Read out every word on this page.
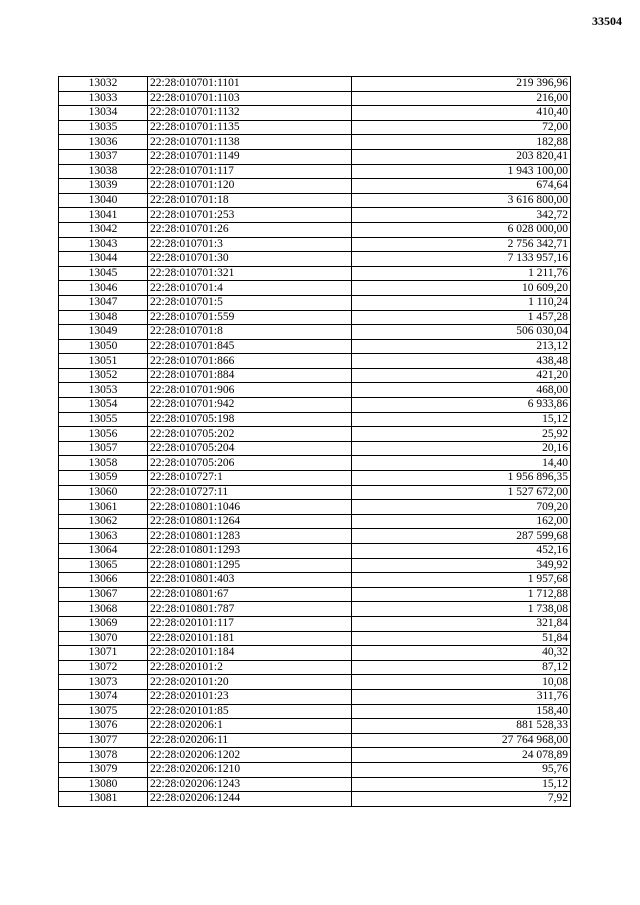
33504
13032	22:28:010701:1101	219 396,96
13033	22:28:010701:1103	216,00
13034	22:28:010701:1132	410,40
13035	22:28:010701:1135	72,00
13036	22:28:010701:1138	182,88
13037	22:28:010701:1149	203 820,41
13038	22:28:010701:117	1 943 100,00
13039	22:28:010701:120	674,64
13040	22:28:010701:18	3 616 800,00
13041	22:28:010701:253	342,72
13042	22:28:010701:26	6 028 000,00
13043	22:28:010701:3	2 756 342,71
13044	22:28:010701:30	7 133 957,16
13045	22:28:010701:321	1 211,76
13046	22:28:010701:4	10 609,20
13047	22:28:010701:5	1 110,24
13048	22:28:010701:559	1 457,28
13049	22:28:010701:8	506 030,04
13050	22:28:010701:845	213,12
13051	22:28:010701:866	438,48
13052	22:28:010701:884	421,20
13053	22:28:010701:906	468,00
13054	22:28:010701:942	6 933,86
13055	22:28:010705:198	15,12
13056	22:28:010705:202	25,92
13057	22:28:010705:204	20,16
13058	22:28:010705:206	14,40
13059	22:28:010727:1	1 956 896,35
13060	22:28:010727:11	1 527 672,00
13061	22:28:010801:1046	709,20
13062	22:28:010801:1264	162,00
13063	22:28:010801:1283	287 599,68
13064	22:28:010801:1293	452,16
13065	22:28:010801:1295	349,92
13066	22:28:010801:403	1 957,68
13067	22:28:010801:67	1 712,88
13068	22:28:010801:787	1 738,08
13069	22:28:020101:117	321,84
13070	22:28:020101:181	51,84
13071	22:28:020101:184	40,32
13072	22:28:020101:2	87,12
13073	22:28:020101:20	10,08
13074	22:28:020101:23	311,76
13075	22:28:020101:85	158,40
13076	22:28:020206:1	881 528,33
13077	22:28:020206:11	27 764 968,00
13078	22:28:020206:1202	24 078,89
13079	22:28:020206:1210	95,76
13080	22:28:020206:1243	15,12
13081	22:28:020206:1244	7,92
